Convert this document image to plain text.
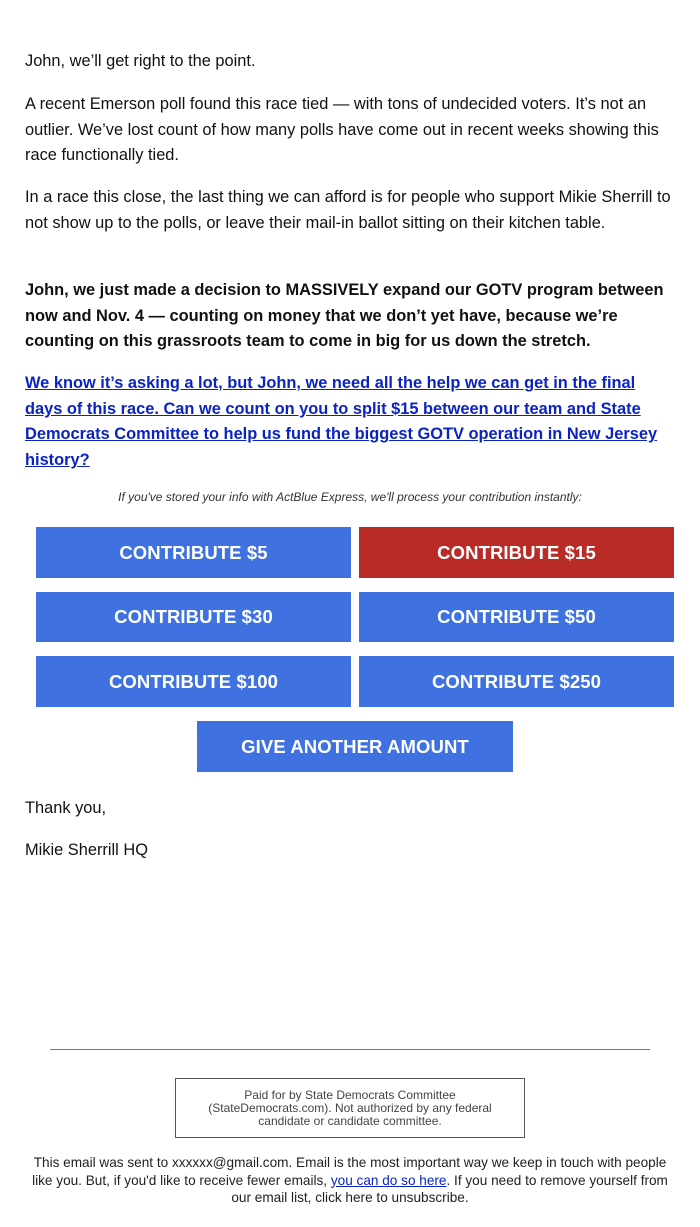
John, we’ll get right to the point.

A recent Emerson poll found this race tied — with tons of undecided voters. It’s not an outlier. We’ve lost count of how many polls have come out in recent weeks showing this race functionally tied.

In a race this close, the last thing we can afford is for people who support Mikie Sherrill to not show up to the polls, or leave their mail-in ballot sitting on their kitchen table.

John, we just made a decision to MASSIVELY expand our GOTV program between now and Nov. 4 — counting on money that we don’t yet have, because we’re counting on this grassroots team to come in big for us down the stretch.

We know it’s asking a lot, but John, we need all the help we can get in the final days of this race. Can we count on you to split $15 between our team and State Democrats Committee to help us fund the biggest GOTV operation in New Jersey history?

If you've stored your info with ActBlue Express, we'll process your contribution instantly:
CONTRIBUTE $5	CONTRIBUTE $15
CONTRIBUTE $30	CONTRIBUTE $50
CONTRIBUTE $100	CONTRIBUTE $250
GIVE ANOTHER AMOUNT
Thank you,
Mikie Sherrill HQ
Paid for by State Democrats Committee (StateDemocrats.com). Not authorized by any federal candidate or candidate committee.
This email was sent to xxxxxx@gmail.com. Email is the most important way we keep in touch with people like you. But, if you'd like to receive fewer emails, you can do so here. If you need to remove yourself from our email list, click here to unsubscribe.
